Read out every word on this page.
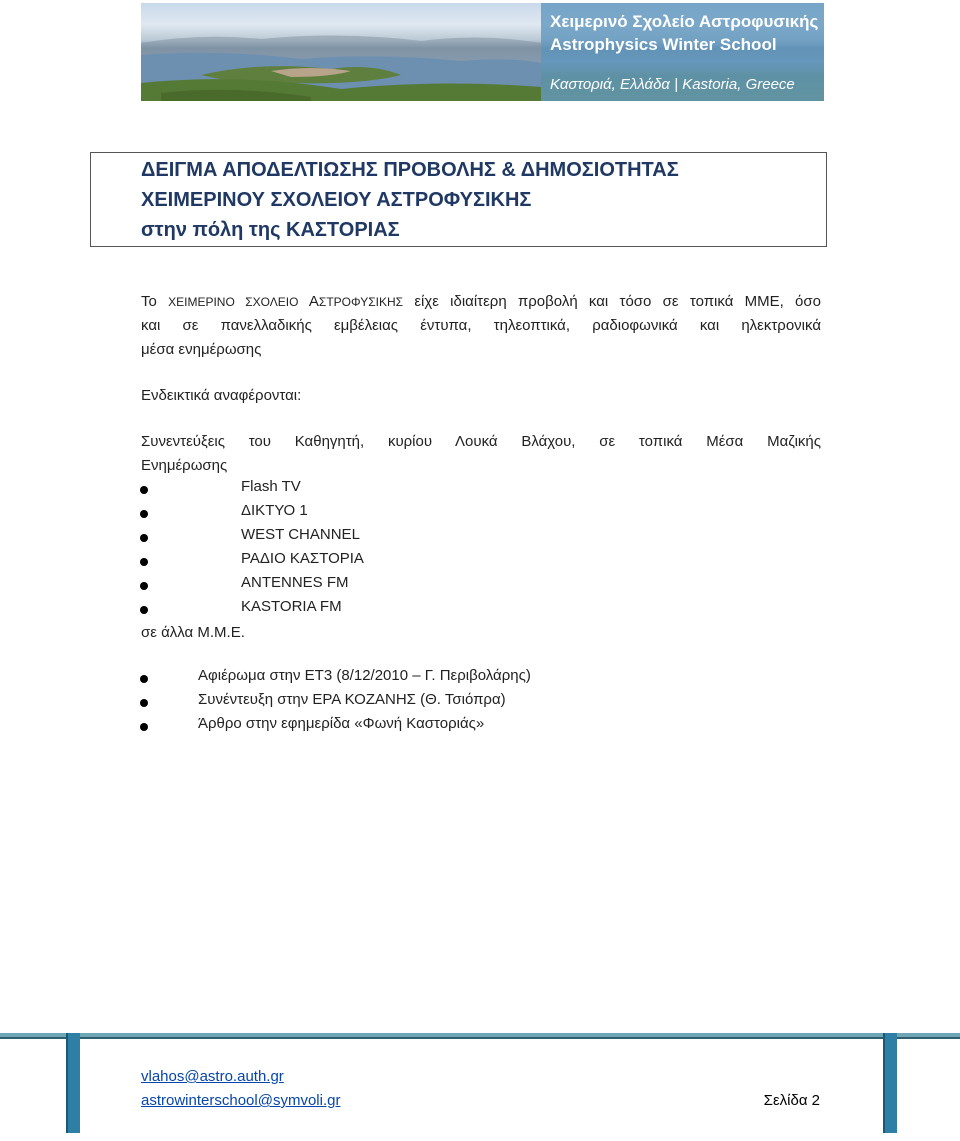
Χειμερινό Σχολείο Αστροφυσικής
Astrophysics Winter School
Καστοριά, Ελλάδα | Kastoria, Greece
ΔΕΙΓΜΑ ΑΠΟΔΕΛΤΙΩΣΗΣ ΠΡΟΒΟΛΗΣ & ΔΗΜΟΣΙΟΤΗΤΑΣ
ΧΕΙΜΕΡΙΝΟΥ ΣΧΟΛΕΙΟΥ ΑΣΤΡΟΦΥΣΙΚΗΣ
στην πόλη της ΚΑΣΤΟΡΙΑΣ
Το ΧΕΙΜΕΡΙΝΟ ΣΧΟΛΕΙΟ ΑΣΤΡΟΦΥΣΙΚΗΣ είχε ιδιαίτερη προβολή και τόσο σε τοπικά ΜΜΕ, όσο
και σε πανελλαδικής εμβέλειας έντυπα, τηλεοπτικά, ραδιοφωνικά και ηλεκτρονικά
μέσα ενημέρωσης
Ενδεικτικά αναφέρονται:
Συνεντεύξεις του Καθηγητή, κυρίου Λουκά Βλάχου, σε τοπικά Μέσα Μαζικής
Ενημέρωσης
Flash TV
ΔΙΚΤΥΟ 1
WEST CHANNEL
ΡΑΔΙΟ ΚΑΣΤΟΡΙΑ
ANTENNES FM
KASTORIA FM
σε άλλα Μ.Μ.Ε.
Αφιέρωμα στην ΕΤ3 (8/12/2010 – Γ. Περιβολάρης)
Συνέντευξη στην ΕΡΑ ΚΟΖΑΝΗΣ (Θ. Τσιόπρα)
Άρθρο στην εφημερίδα «Φωνή Καστοριάς»
vlahos@astro.auth.gr
astrowinterschool@symvoli.gr	Σελίδα 2
